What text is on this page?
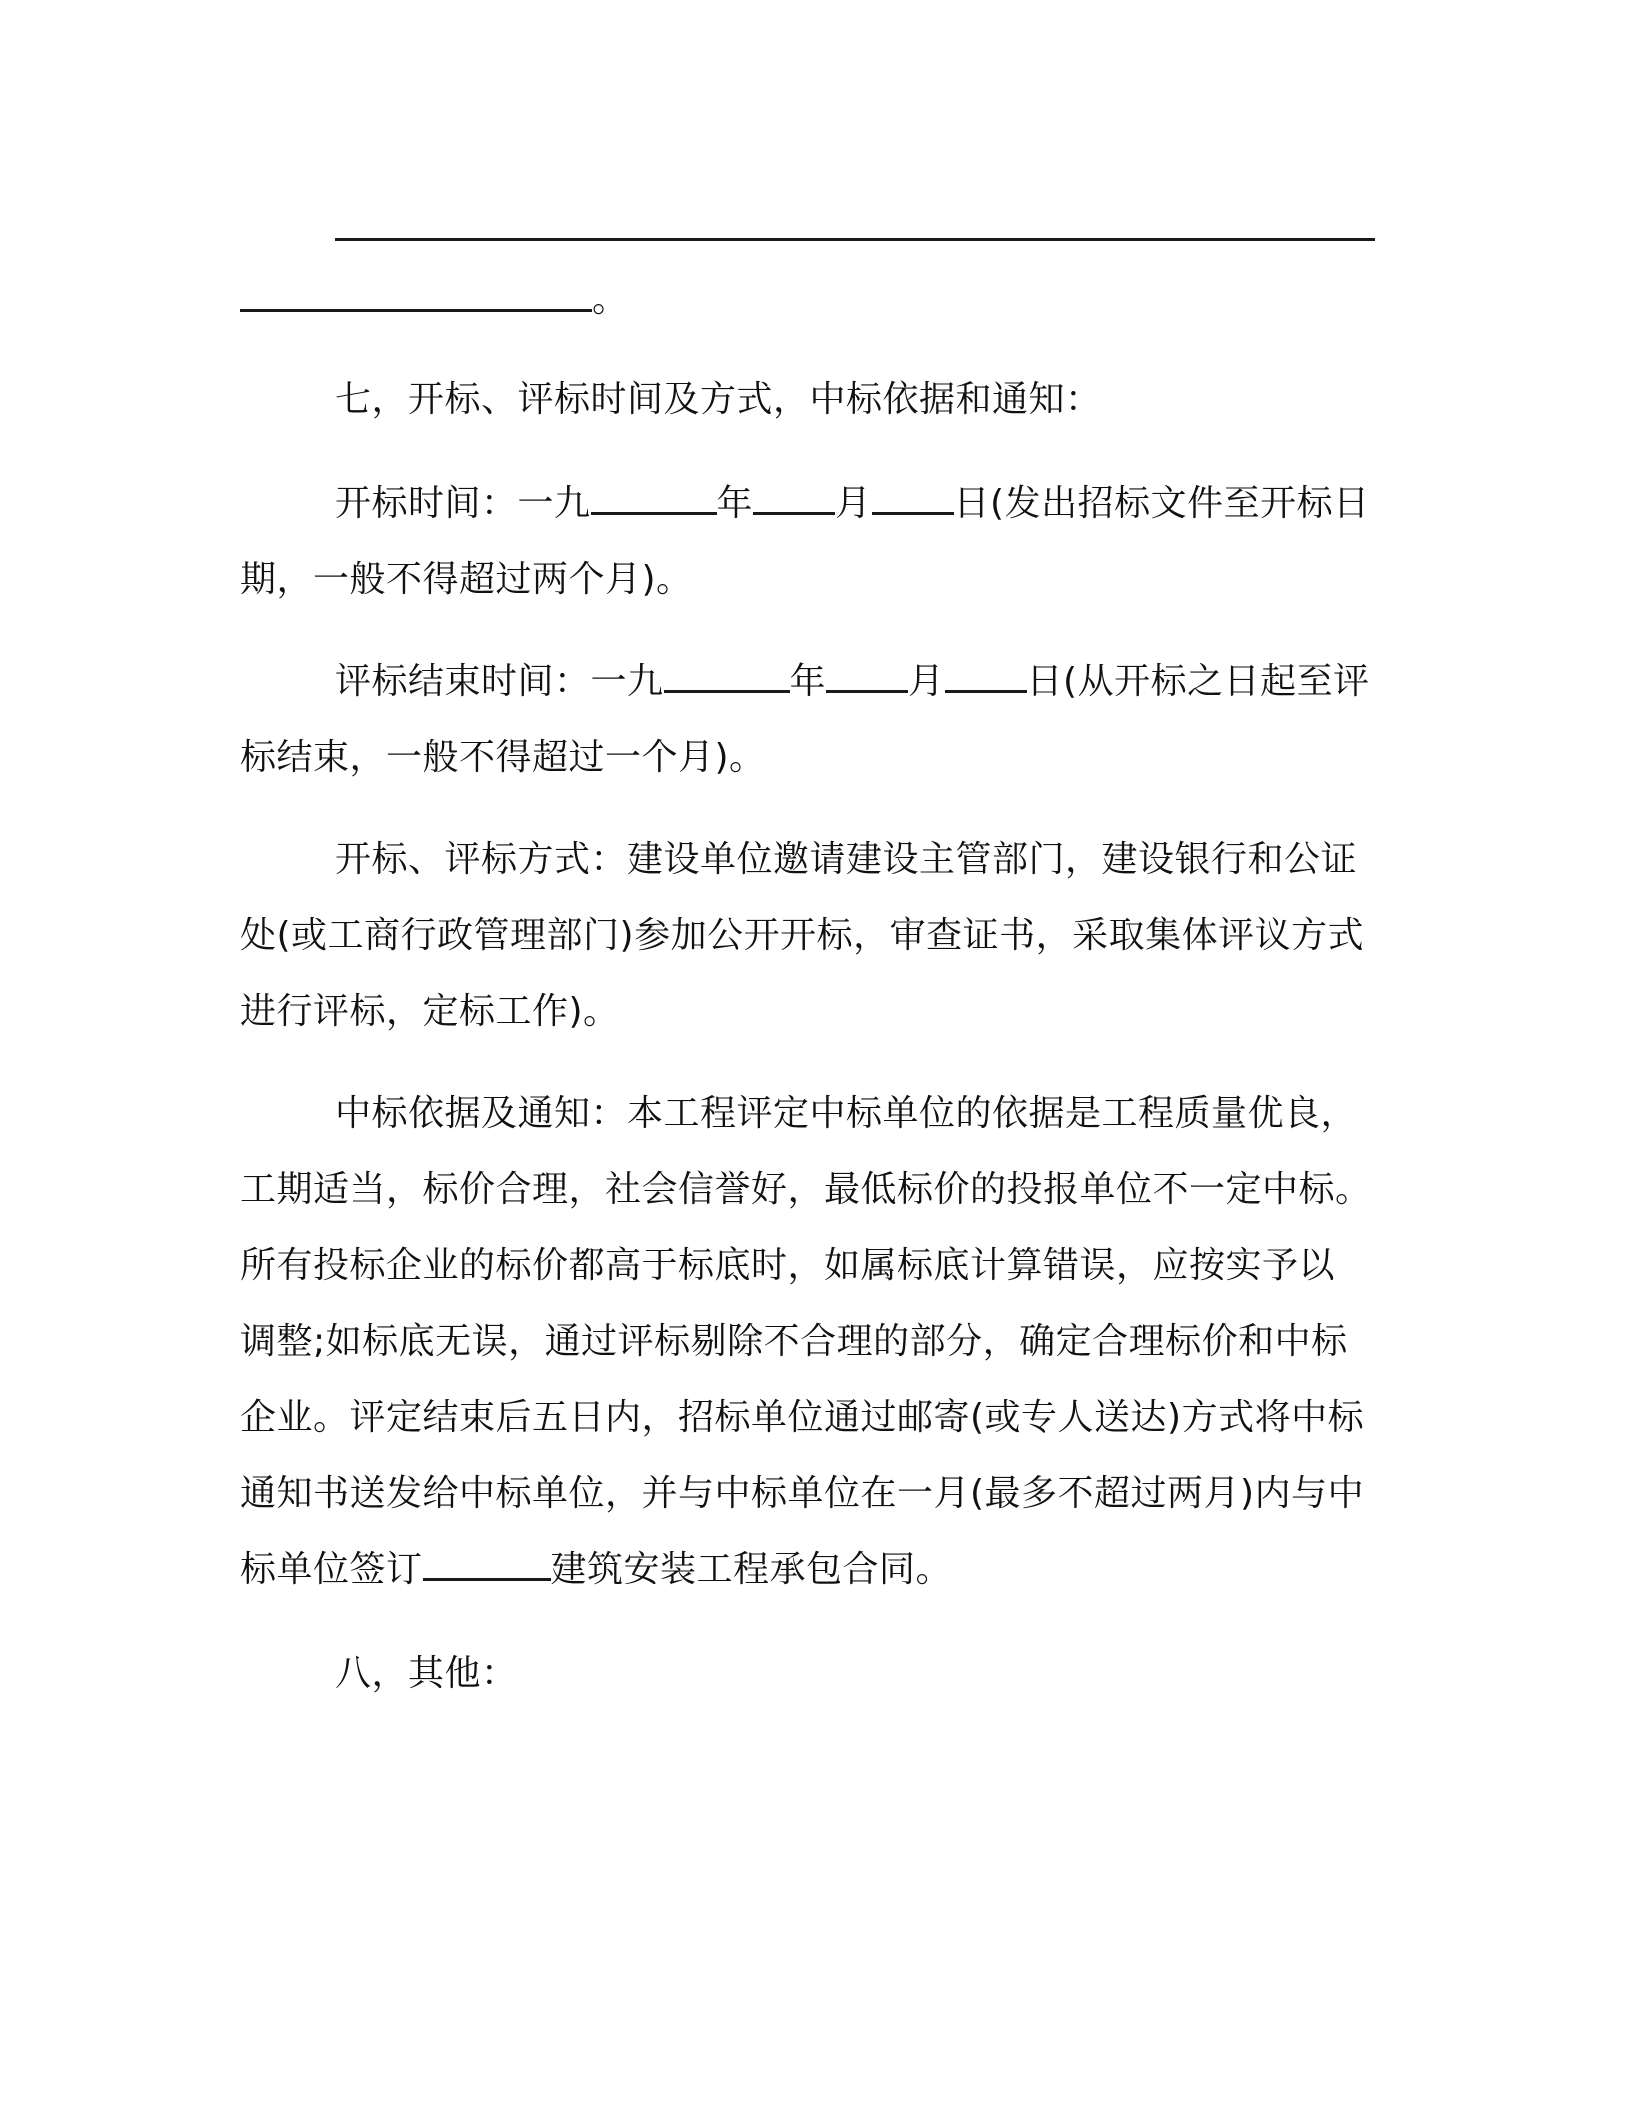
。
七，开标、评标时间及方式，中标依据和通知：
开标时间：一九	年 月 日(发出招标文件至开标日
期，一般不得超过两个月)。
评标结束时间：一九	年 月 日(从开标之日起至评
标结束，一般不得超过一个月)。
开标、评标方式：建设单位邀请建设主管部门，建设银行和公证
处(或工商行政管理部门)参加公开开标，审查证书，采取集体评议方式
进行评标，定标工作)。
中标依据及通知：本工程评定中标单位的依据是工程质量优良，
工期适当，标价合理，社会信誉好，最低标价的投报单位不一定中标。
所有投标企业的标价都高于标底时，如属标底计算错误，应按实予以
调整;如标底无误，通过评标剔除不合理的部分，确定合理标价和中标
企业。评定结束后五日内，招标单位通过邮寄(或专人送达)方式将中标
通知书送发给中标单位，并与中标单位在一月(最多不超过两月)内与中
标单位签订	建筑安装工程承包合同。
八，其他：
